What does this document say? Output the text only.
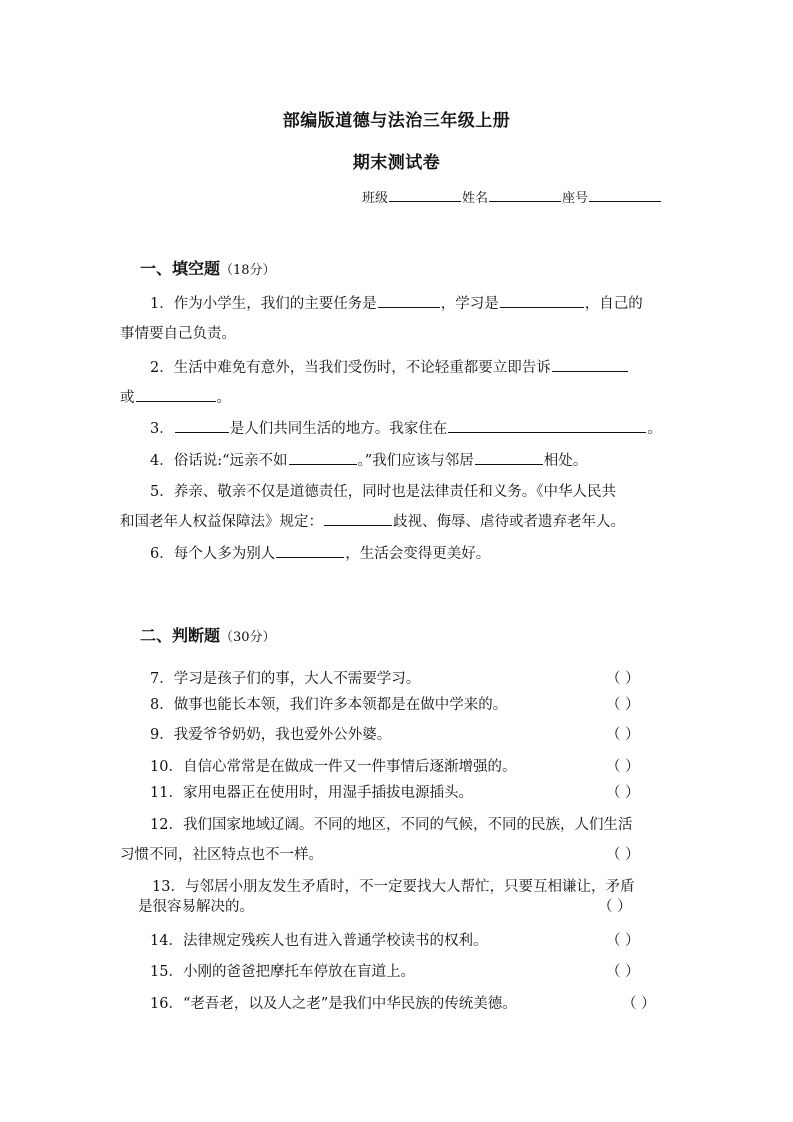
部编版道德与法治三年级上册
期末测试卷
班级	姓名	座号
一、填空题（18分）
1．作为小学生，我们的主要任务是	，学习是	，自己的
事情要自己负责。
2．生活中难免有意外，当我们受伤时，不论轻重都要立即告诉
或	。
3．	是人们共同生活的地方。我家住在	。
4．俗话说:“远亲不如	。”我们应该与邻居	相处。
5．养亲、敬亲不仅是道德责任，同时也是法律责任和义务。《中华人民共
和国老年人权益保障法》规定：	歧视、侮辱、虐待或者遗弃老年人。
6．每个人多为别人	，生活会变得更美好。
二、判断题（30分）
7．学习是孩子们的事，大人不需要学习。	（ ）
8．做事也能长本领，我们许多本领都是在做中学来的。	（ ）
9．我爱爷爷奶奶，我也爱外公外婆。	（ ）
10．自信心常常是在做成一件又一件事情后逐渐增强的。	（ ）
11．家用电器正在使用时，用湿手插拔电源插头。	（ ）
12．我们国家地域辽阔。不同的地区，不同的气候，不同的民族，人们生活
习惯不同，社区特点也不一样。	（ ）
13．与邻居小朋友发生矛盾时，不一定要找大人帮忙，只要互相谦让，矛盾
是很容易解决的。	（ ）
14．法律规定残疾人也有进入普通学校读书的权利。	（ ）
15．小刚的爸爸把摩托车停放在盲道上。	（ ）
16．“老吾老，以及人之老”是我们中华民族的传统美德。	（ ）
